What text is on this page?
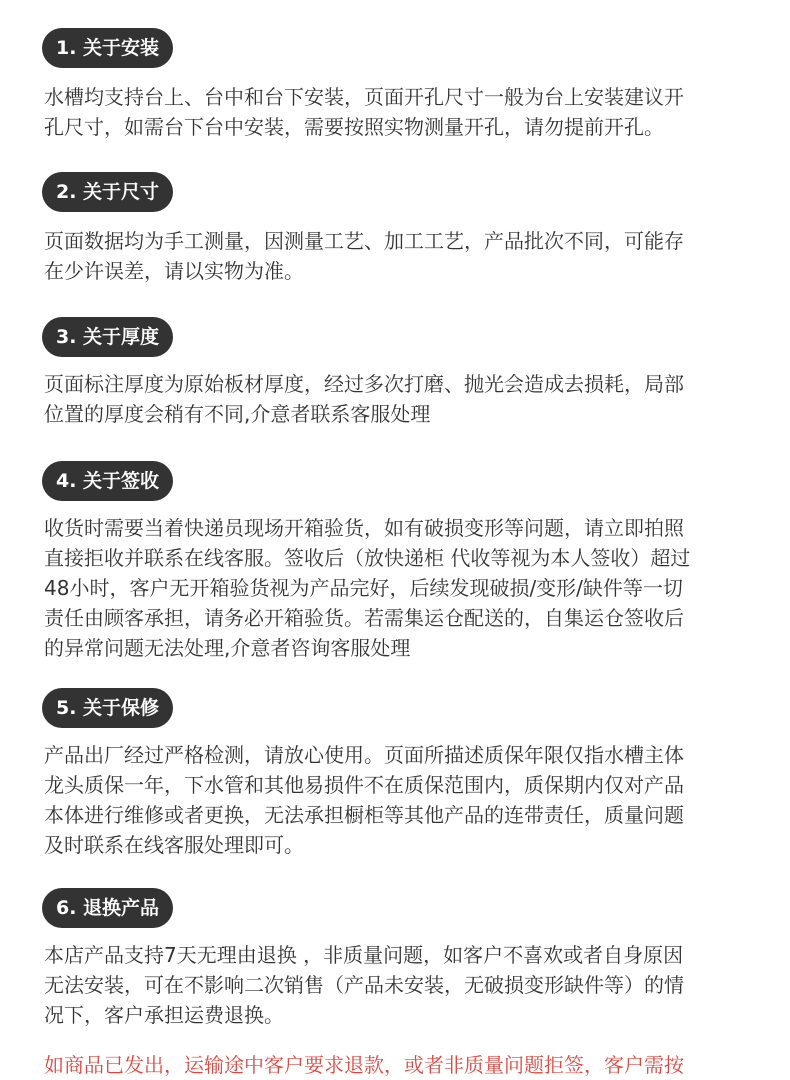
1. 关于安装
水槽均支持台上、台中和台下安装，页面开孔尺寸一般为台上安装建议开
孔尺寸，如需台下台中安装，需要按照实物测量开孔，请勿提前开孔。
2. 关于尺寸
页面数据均为手工测量，因测量工艺、加工工艺，产品批次不同，可能存
在少许误差，请以实物为准。
3. 关于厚度
页面标注厚度为原始板材厚度，经过多次打磨、抛光会造成去损耗，局部
位置的厚度会稍有不同,介意者联系客服处理
4. 关于签收
收货时需要当着快递员现场开箱验货，如有破损变形等问题，请立即拍照
直接拒收并联系在线客服。签收后（放快递柜 代收等视为本人签收）超过
48小时，客户无开箱验货视为产品完好，后续发现破损/变形/缺件等一切
责任由顾客承担，请务必开箱验货。若需集运仓配送的，自集运仓签收后
的异常问题无法处理,介意者咨询客服处理
5. 关于保修
产品出厂经过严格检测，请放心使用。页面所描述质保年限仅指水槽主体
龙头质保一年，下水管和其他易损件不在质保范围内，质保期内仅对产品
本体进行维修或者更换，无法承担橱柜等其他产品的连带责任，质量问题
及时联系在线客服处理即可。
6. 退换产品
本店产品支持7天无理由退换 ，非质量问题，如客户不喜欢或者自身原因
无法安装，可在不影响二次销售（产品未安装，无破损变形缺件等）的情
况下，客户承担运费退换。
如商品已发出，运输途中客户要求退款，或者非质量问题拒签，客户需按
